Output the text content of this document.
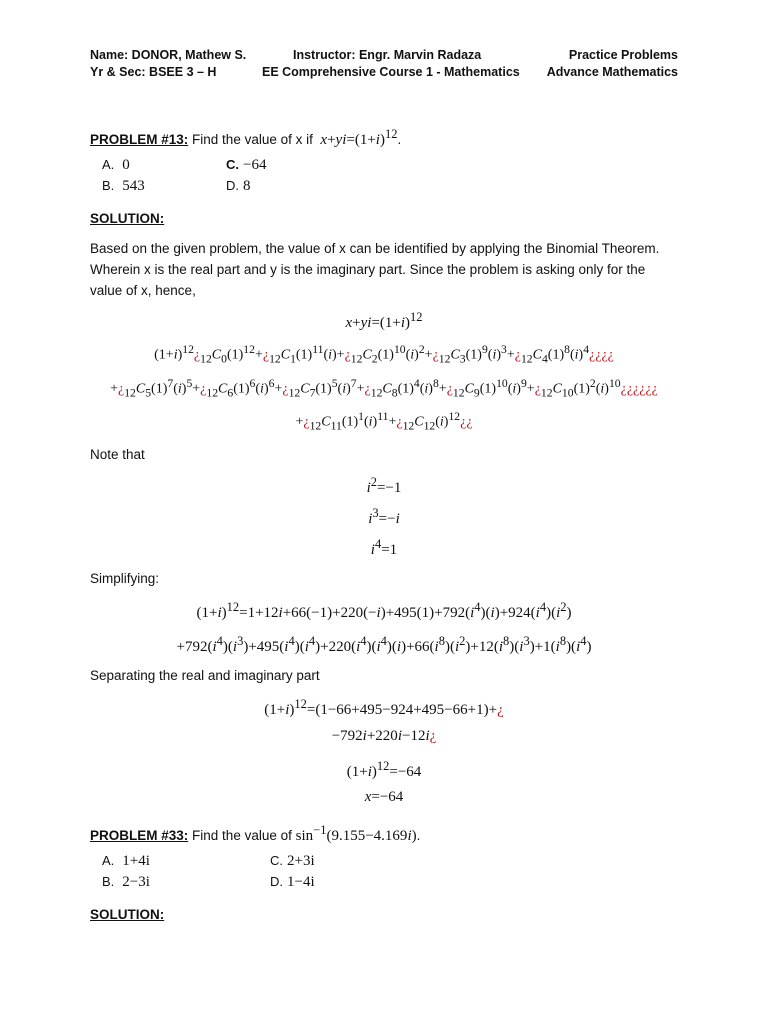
Name: DONOR, Mathew S.
Yr & Sec: BSEE 3 – H
Instructor: Engr. Marvin Radaza
EE Comprehensive Course 1 - Mathematics
Practice Problems
Advance Mathematics
PROBLEM #13: Find the value of x if $x+yi=(1+i)^{12}$.
A. 0
B. 543
C. −64
D. 8
SOLUTION:
Based on the given problem, the value of x can be identified by applying the Binomial Theorem. Wherein x is the real part and y is the imaginary part. Since the problem is asking only for the value of x, hence,
$x+yi=(1+i)^{12}$
$(1+i)^{12}¿_{12}C_0(1)^{12}+¿_{12}C_1(1)^{11}(i)+¿_{12}C_2(1)^{10}(i)^2+¿_{12}C_3(1)^9(i)^3+¿_{12}C_4(1)^8(i)^4¿¿¿¿$
$+¿_{12}C_5(1)^7(i)^5+¿_{12}C_6(1)^6(i)^6+¿_{12}C_7(1)^5(i)^7+¿_{12}C_8(1)^4(i)^8+¿_{12}C_9(1)^{10}(i)^9+¿_{12}C_{10}(1)^2(i)^{10}¿¿¿¿¿¿$
$+¿_{12}C_{11}(1)^1(i)^{11}+¿_{12}C_{12}(i)^{12}¿¿$
Note that
$i^2=-1$
$i^3=-i$
$i^4=1$
Simplifying:
$(1+i)^{12}=1+12i+66(-1)+220(-i)+495(1)+792(i^4)(i)+924(i^4)(i^2)$
$+792(i^4)(i^3)+495(i^4)(i^4)+220(i^4)(i^4)(i)+66(i^8)(i^2)+12(i^8)(i^3)+1(i^8)(i^4)$
Separating the real and imaginary part
$(1+i)^{12}=(1-66+495-924+495-66+1)+¿$
−792i+220i−12i¿
$(1+i)^{12}=-64$
x=−64
PROBLEM #33: Find the value of $\sin^{-1}(9.155-4.169i)$.
A. 1+4i
B. 2−3i
C. 2+3i
D. 1−4i
SOLUTION:
